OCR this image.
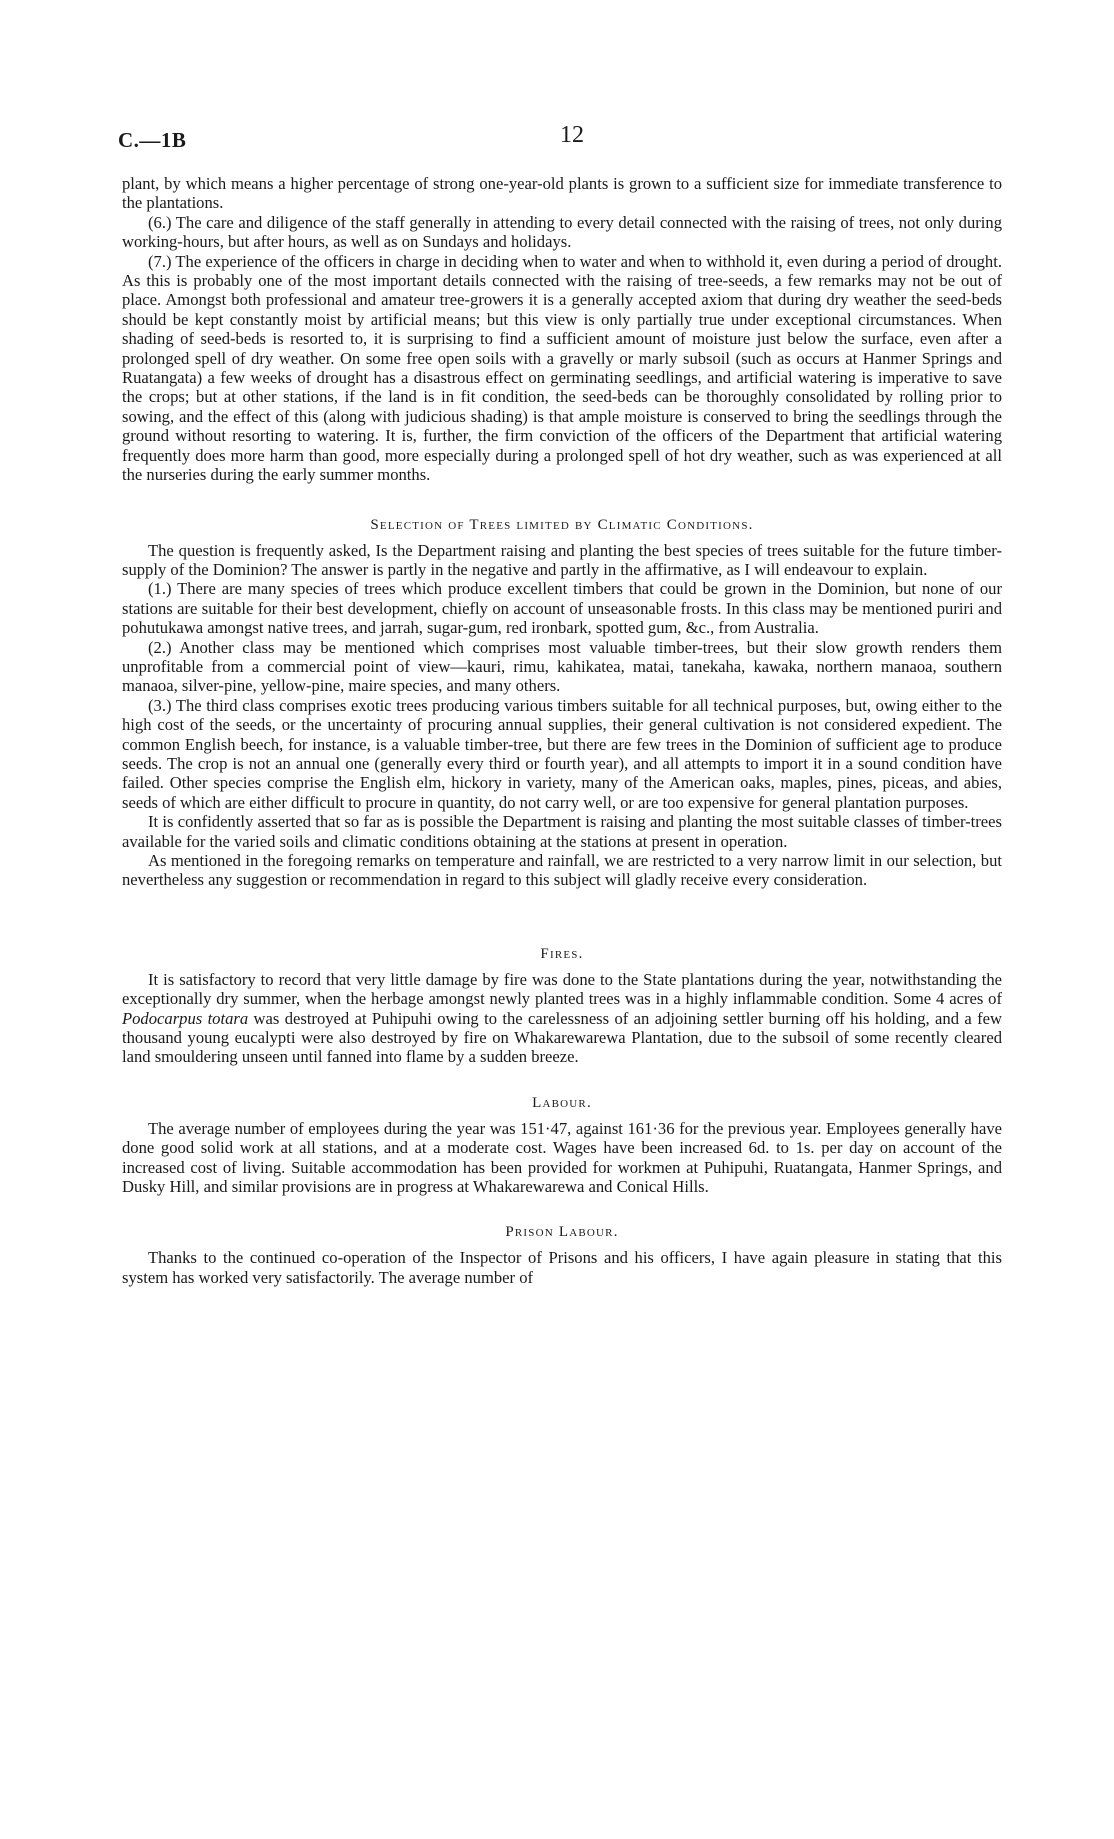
C.—1B	12

plant, by which means a higher percentage of strong one-year-old plants is grown to a sufficient size for immediate transference to the plantations.

(6.) The care and diligence of the staff generally in attending to every detail connected with the raising of trees, not only during working-hours, but after hours, as well as on Sundays and holidays.

(7.) The experience of the officers in charge in deciding when to water and when to withhold it, even during a period of drought. As this is probably one of the most important details connected with the raising of tree-seeds, a few remarks may not be out of place. Amongst both professional and amateur tree-growers it is a generally accepted axiom that during dry weather the seed-beds should be kept constantly moist by artificial means; but this view is only partially true under exceptional circumstances. When shading of seed-beds is resorted to, it is surprising to find a sufficient amount of moisture just below the surface, even after a prolonged spell of dry weather. On some free open soils with a gravelly or marly subsoil (such as occurs at Hanmer Springs and Ruatangata) a few weeks of drought has a disastrous effect on germinating seedlings, and artificial watering is imperative to save the crops; but at other stations, if the land is in fit condition, the seed-beds can be thoroughly consolidated by rolling prior to sowing, and the effect of this (along with judicious shading) is that ample moisture is conserved to bring the seedlings through the ground without resorting to watering. It is, further, the firm conviction of the officers of the Department that artificial watering frequently does more harm than good, more especially during a prolonged spell of hot dry weather, such as was experienced at all the nurseries during the early summer months.

Selection of Trees limited by Climatic Conditions.

The question is frequently asked, Is the Department raising and planting the best species of trees suitable for the future timber-supply of the Dominion? The answer is partly in the negative and partly in the affirmative, as I will endeavour to explain.

(1.) There are many species of trees which produce excellent timbers that could be grown in the Dominion, but none of our stations are suitable for their best development, chiefly on account of unseasonable frosts. In this class may be mentioned puriri and pohutukawa amongst native trees, and jarrah, sugar-gum, red ironbark, spotted gum, &c., from Australia.

(2.) Another class may be mentioned which comprises most valuable timber-trees, but their slow growth renders them unprofitable from a commercial point of view—kauri, rimu, kahikatea, matai, tanekaha, kawaka, northern manaoa, southern manaoa, silver-pine, yellow-pine, maire species, and many others.

(3.) The third class comprises exotic trees producing various timbers suitable for all technical purposes, but, owing either to the high cost of the seeds, or the uncertainty of procuring annual supplies, their general cultivation is not considered expedient. The common English beech, for instance, is a valuable timber-tree, but there are few trees in the Dominion of sufficient age to produce seeds. The crop is not an annual one (generally every third or fourth year), and all attempts to import it in a sound condition have failed. Other species comprise the English elm, hickory in variety, many of the American oaks, maples, pines, piceas, and abies, seeds of which are either difficult to procure in quantity, do not carry well, or are too expensive for general plantation purposes.

It is confidently asserted that so far as is possible the Department is raising and planting the most suitable classes of timber-trees available for the varied soils and climatic conditions obtaining at the stations at present in operation.

As mentioned in the foregoing remarks on temperature and rainfall, we are restricted to a very narrow limit in our selection, but nevertheless any suggestion or recommendation in regard to this subject will gladly receive every consideration.

Fires.

It is satisfactory to record that very little damage by fire was done to the State plantations during the year, notwithstanding the exceptionally dry summer, when the herbage amongst newly planted trees was in a highly inflammable condition. Some 4 acres of Podocarpus totara was destroyed at Puhipuhi owing to the carelessness of an adjoining settler burning off his holding, and a few thousand young eucalypti were also destroyed by fire on Whakarewarewa Plantation, due to the subsoil of some recently cleared land smouldering unseen until fanned into flame by a sudden breeze.

Labour.

The average number of employees during the year was 151·47, against 161·36 for the previous year. Employees generally have done good solid work at all stations, and at a moderate cost. Wages have been increased 6d. to 1s. per day on account of the increased cost of living. Suitable accommodation has been provided for workmen at Puhipuhi, Ruatangata, Hanmer Springs, and Dusky Hill, and similar provisions are in progress at Whakarewarewa and Conical Hills.

Prison Labour.

Thanks to the continued co-operation of the Inspector of Prisons and his officers, I have again pleasure in stating that this system has worked very satisfactorily. The average number of
